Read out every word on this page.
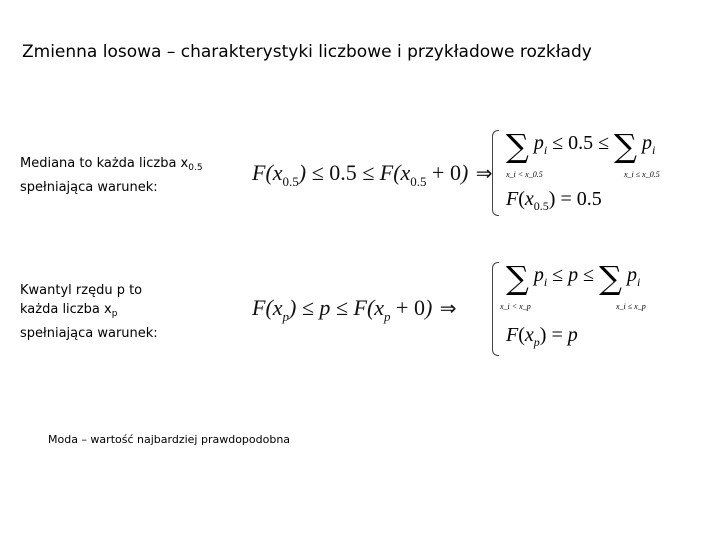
Zmienna losowa – charakterystyki liczbowe i przykładowe rozkłady
Mediana to każda liczba $x_{0.5}$
spełniająca warunek:
$F(x_{0.5}) \le 0.5 \le F(x_{0.5} + 0)$ ⇒
∑ $p_i \le 0.5$ ≤ ∑ $p_i$
x_i < x_0.5	x_i ≤ x_0.5
$F(x_{0.5}) = 0.5$
Kwantyl rzędu p to
każda liczba $x_p$
spełniająca warunek:
$F(x_p) \le p \le F(x_p + 0)$ ⇒
∑ $p_i \le p$ ≤ ∑ $p_i$
x_i < x_p	x_i ≤ x_p
$F(x_p) = p$
Moda – wartość najbardziej prawdopodobna
